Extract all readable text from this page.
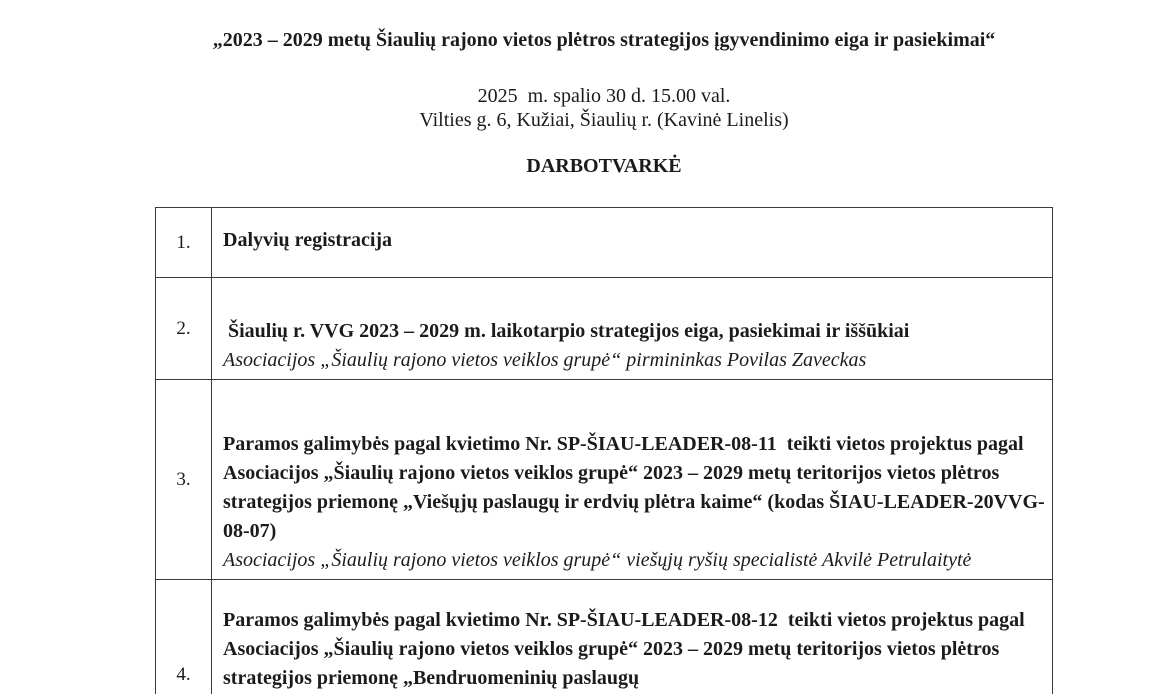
„2023 – 2029 metų Šiaulių rajono vietos plėtros strategijos įgyvendinimo eiga ir pasiekimai“
2025  m. spalio 30 d. 15.00 val.
Vilties g. 6, Kužiai, Šiaulių r. (Kavinė Linelis)
DARBOTVARKĖ
1.	Dalyvių registracija

2.	Šiaulių r. VVG 2023 – 2029 m. laikotarpio strategijos eiga, pasiekimai ir iššūkiai

Asociacijos „Šiaulių rajono vietos veiklos grupė“ pirmininkas Povilas Zaveckas

3.	Paramos galimybės pagal kvietimo Nr. SP-ŠIAU-LEADER-08-11  teikti vietos projektus pagal Asociacijos „Šiaulių rajono vietos veiklos grupė“ 2023 – 2029 metų teritorijos vietos plėtros strategijos priemonę „Viešųjų paslaugų ir erdvių plėtra kaime“ (kodas ŠIAU-LEADER-20VVG-08-07)

Asociacijos „Šiaulių rajono vietos veiklos grupė“ viešųjų ryšių specialistė Akvilė Petrulaitytė

4.	Paramos galimybės pagal kvietimo Nr. SP-ŠIAU-LEADER-08-12  teikti vietos projektus pagal Asociacijos „Šiaulių rajono vietos veiklos grupė“ 2023 – 2029 metų teritorijos vietos plėtros strategijos priemonę „Bendruomeninių paslaugų
